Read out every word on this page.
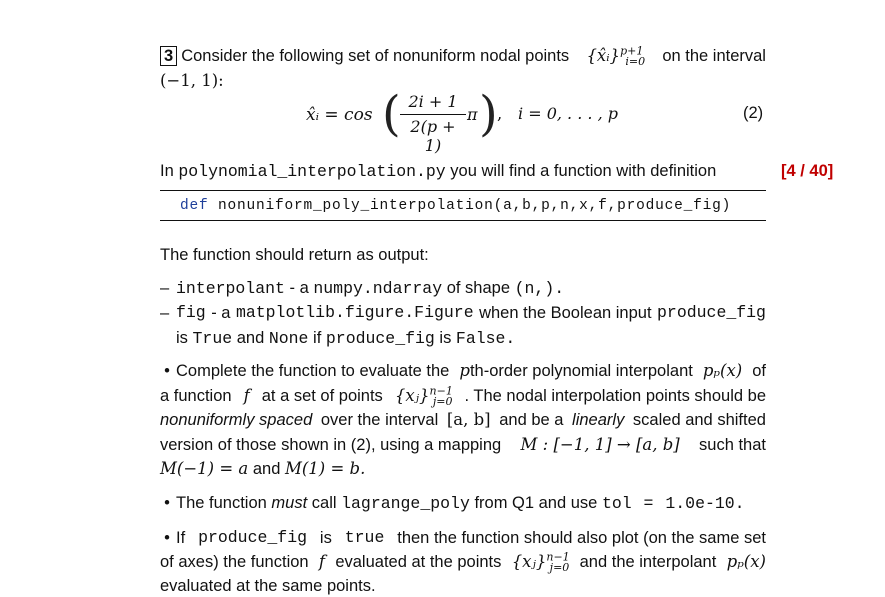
3 Consider the following set of nonuniform nodal points {x̂ᵢ}$^{p+1}_{i=0}$ on the interval
(−1, 1):
x̂ᵢ = cos ( 2i + 1
2(p + 1)
π ) , i = 0, . . . , p	(2)
In polynomial_interpolation.py you will find a function with definition	[4 / 40]
def nonuniform_poly_interpolation(a,b,p,n,x,f,produce_fig)
The function should return as output:
– interpolant - a numpy.ndarray of shape (n,).
– fig - a matplotlib.figure.Figure when the Boolean input produce_fig
is True and None if produce_fig is False.
• Complete the function to evaluate the pth-order polynomial interpolant pₚ(x) of
a function f at a set of points {xⱼ}$^{n-1}_{j=0}$ . The nodal interpolation points should be
nonuniformly spaced over the interval [a, b] and be a linearly scaled and shifted
version of those shown in (2), using a mapping M : [−1, 1] → [a, b] such that
M(−1) = a and M(1) = b.
• The function must call lagrange_poly from Q1 and use tol = 1.0e-10.
• If produce_fig is true then the function should also plot (on the same set
of axes) the function f evaluated at the points {xⱼ}$^{n-1}_{j=0}$ and the interpolant pₚ(x)
evaluated at the same points.
